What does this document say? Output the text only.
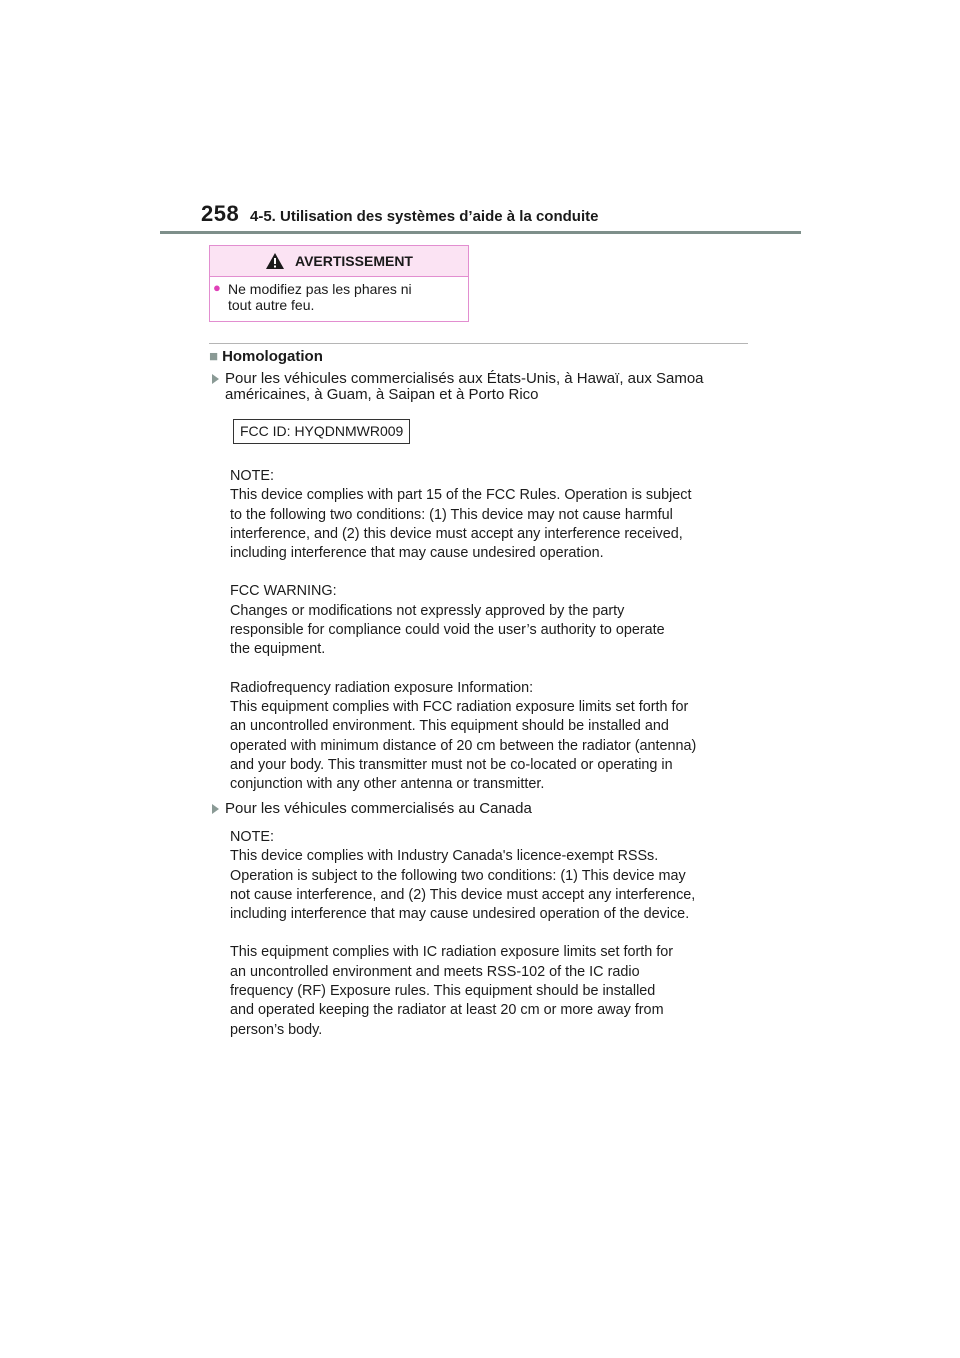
258 4-5. Utilisation des systèmes d’aide à la conduite
AVERTISSEMENT
● Ne modifiez pas les phares ni
tout autre feu.
■ Homologation
Pour les véhicules commercialisés aux États-Unis, à Hawaï, aux Samoa
américaines, à Guam, à Saipan et à Porto Rico
FCC ID: HYQDNMWR009

NOTE:

This device complies with part 15 of the FCC Rules. Operation is subject

to the following two conditions: (1) This device may not cause harmful

interference, and (2) this device must accept any interference received,

including interference that may cause undesired operation.

FCC WARNING:

Changes or modifications not expressly approved by the party

responsible for compliance could void the user’s authority to operate

the equipment.

Radiofrequency radiation exposure Information:

This equipment complies with FCC radiation exposure limits set forth for

an uncontrolled environment. This equipment should be installed and

operated with minimum distance of 20 cm between the radiator (antenna)

and your body. This transmitter must not be co-located or operating in

conjunction with any other antenna or transmitter.

Pour les véhicules commercialisés au Canada

NOTE:

This device complies with Industry Canada's licence-exempt RSSs.

Operation is subject to the following two conditions: (1) This device may

not cause interference, and (2) This device must accept any interference,

including interference that may cause undesired operation of the device.

This equipment complies with IC radiation exposure limits set forth for

an uncontrolled environment and meets RSS-102 of the IC radio

frequency (RF) Exposure rules. This equipment should be installed

and operated keeping the radiator at least 20 cm or more away from

person’s body.
